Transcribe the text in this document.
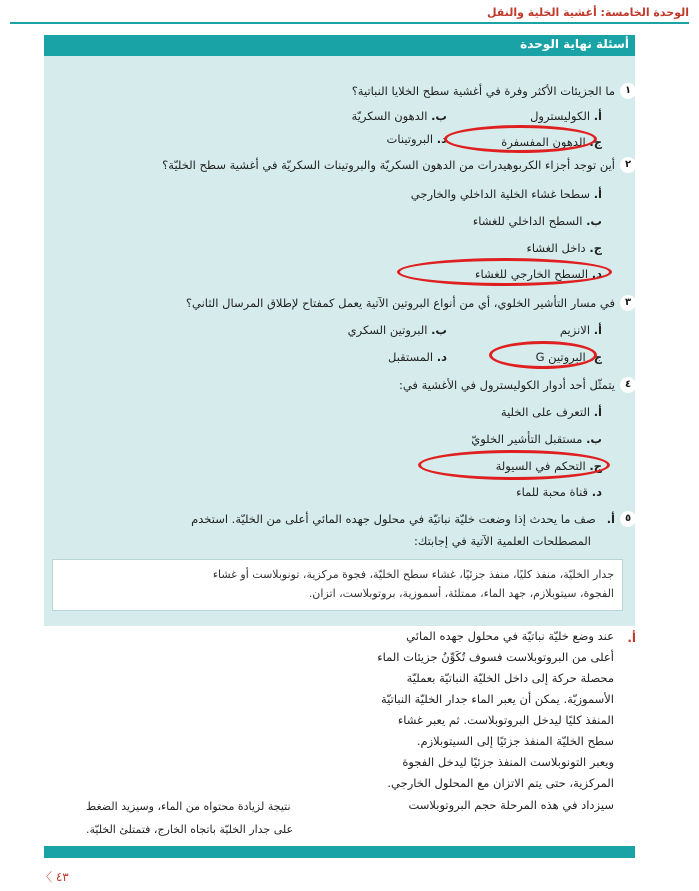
الوحدة الخامسة: أغشية الخلية والنقل
أسئلة نهاية الوحدة
١
ما الجزيئات الأكثر وفرة في أغشية سطح الخلايا النباتية؟
أ. الكوليسترول
ب. الدهون السكريّة
ج. الدهون المفسفرة
د. البروتينات
٢
أين توجد أجزاء الكربوهيدرات من الدهون السكريّة والبروتينات السكريّة في أغشية سطح الخليّة؟
أ. سطحا غشاء الخلية الداخلي والخارجي
ب. السطح الداخلي للغشاء
ج. داخل الغشاء
د. السطح الخارجي للغشاء
٣
في مسار التأشير الخلوي، أي من أنواع البروتين الآتية يعمل كمفتاح لإطلاق المرسال الثاني؟
أ. الانزيم
ب. البروتين السكري
ج. البروتين G
د. المستقبل
٤
يتمثّل أحد أدوار الكوليسترول في الأغشية في:
أ. التعرف على الخلية
ب. مستقبل التأشير الخلويّ
ج. التحكم في السيولة
د. قناة محبة للماء
٥
أ.   صف ما يحدث إذا وضعت خليّة نباتيّة في محلول جهده المائي أعلى من الخليّة. استخدم
المصطلحات العلمية الآتية في إجابتك:

جدار الخليّة، منفذ كليًا، منفذ جزئيًا، غشاء سطح الخليّة، فجوة مركزية، تونوبلاست أو غشاء

الفجوة، سيتوبلازم، جهد الماء، ممتلئة، أسموزية، بروتوبلاست، اتزان.

أ.
عند وضع خليّة نباتيّة في محلول جهده المائي
أعلى من البروتوبلاست فسوف تُكَوِّنُ جزيئات الماء
محصلة حركة إلى داخل الخليّة النباتيّة بعمليّة
الأسموزيّة. يمكن أن يعبر الماء جدار الخليّة النباتيّة
المنفذ كليًا ليدخل البروتوبلاست. ثم يعبر غشاء
سطح الخليّة المنفذ جزئيًا إلى السيتوبلازم.
ويعبر التونوبلاست المنفذ جزئيًا ليدخل الفجوة
المركزية، حتى يتم الاتزان مع المحلول الخارجي.
سيزداد في هذه المرحلة حجم البروتوبلاست
نتيجة لزيادة محتواه من الماء، وسيزيد الضغط
على جدار الخليّة باتجاه الخارج، فتمتلئ الخليّة.
〈 ٤٣
